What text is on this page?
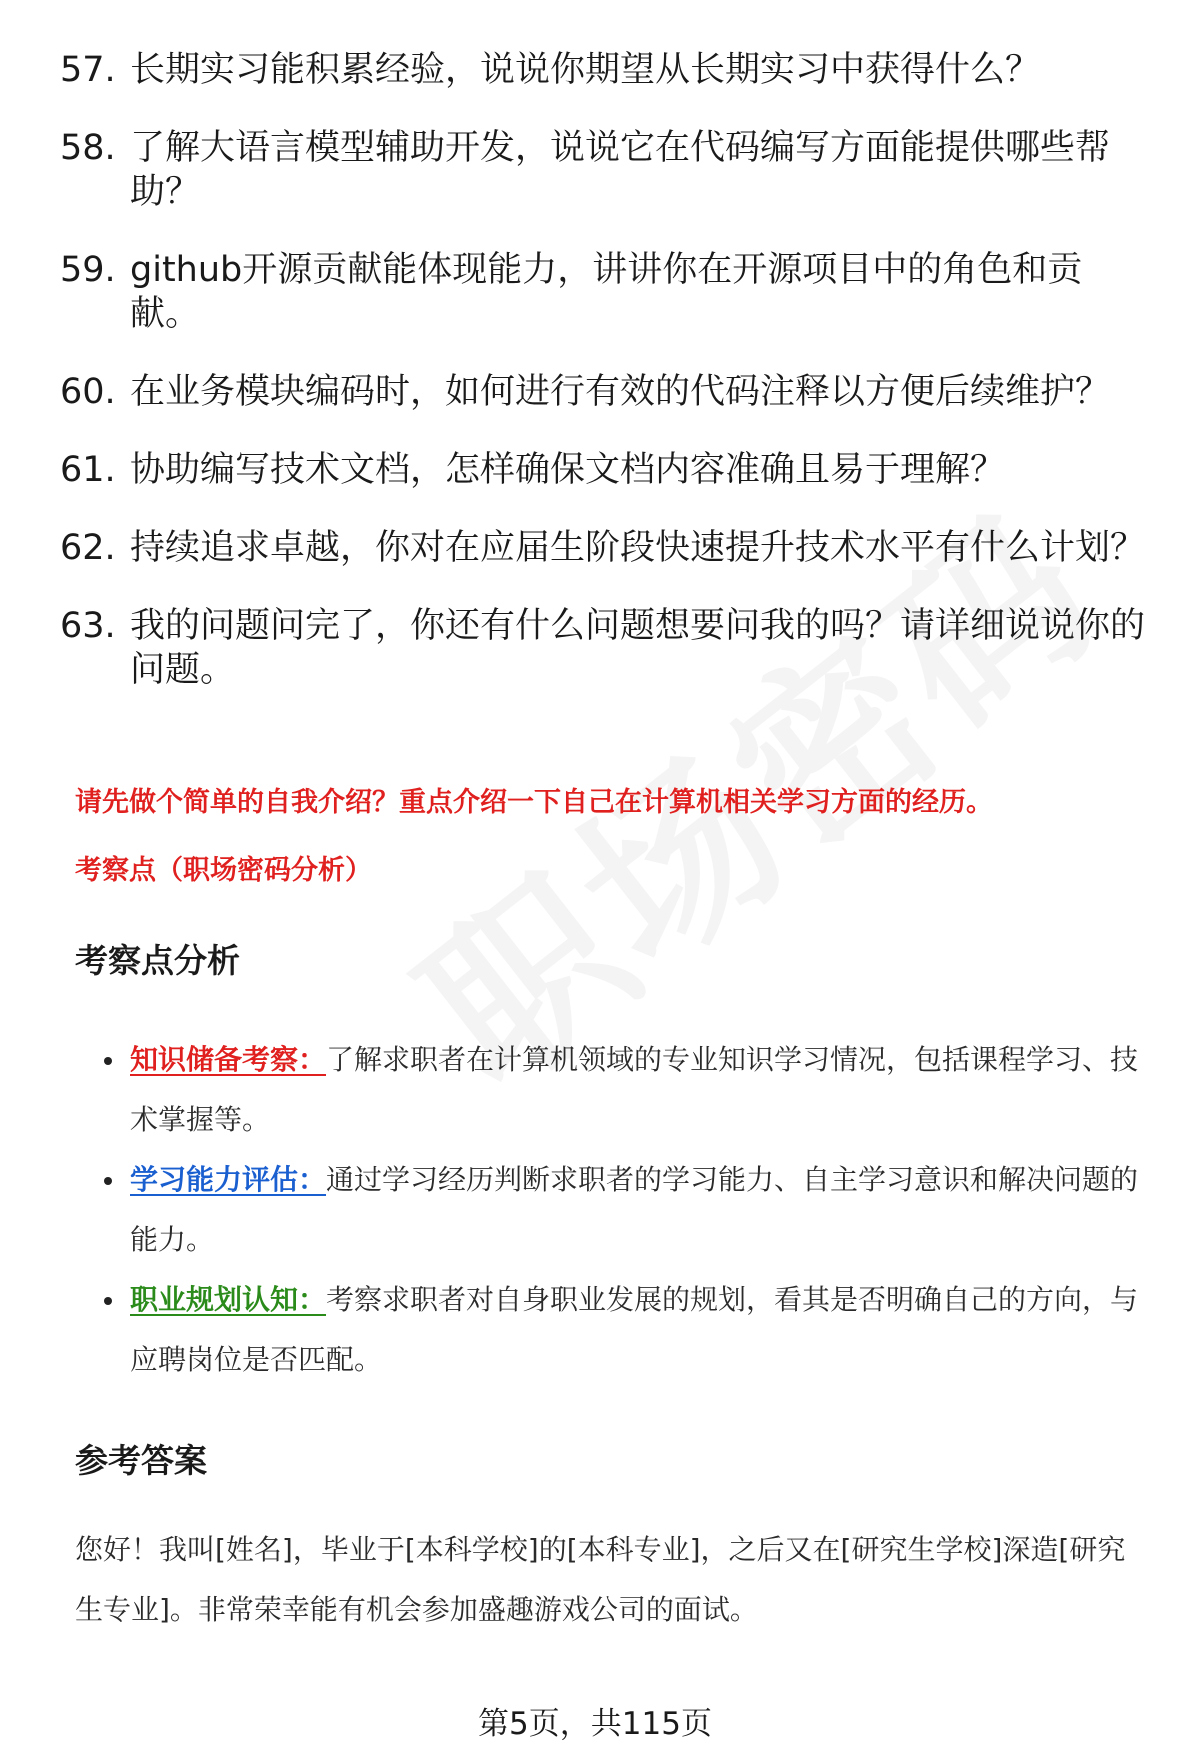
57. 长期实习能积累经验，说说你期望从长期实习中获得什么？
58. 了解大语言模型辅助开发，说说它在代码编写方面能提供哪些帮助？
59. github开源贡献能体现能力，讲讲你在开源项目中的角色和贡献。
60. 在业务模块编码时，如何进行有效的代码注释以方便后续维护？
61. 协助编写技术文档，怎样确保文档内容准确且易于理解？
62. 持续追求卓越，你对在应届生阶段快速提升技术水平有什么计划？
63. 我的问题问完了，你还有什么问题想要问我的吗？请详细说说你的问题。
请先做个简单的自我介绍？重点介绍一下自己在计算机相关学习方面的经历。
考察点（职场密码分析）
考察点分析
知识储备考察：了解求职者在计算机领域的专业知识学习情况，包括课程学习、技术掌握等。
学习能力评估：通过学习经历判断求职者的学习能力、自主学习意识和解决问题的能力。
职业规划认知：考察求职者对自身职业发展的规划，看其是否明确自己的方向，与应聘岗位是否匹配。
参考答案
您好！我叫[姓名]，毕业于[本科学校]的[本科专业]，之后又在[研究生学校]深造[研究生专业]。非常荣幸能有机会参加盛趣游戏公司的面试。
第5页，共115页
